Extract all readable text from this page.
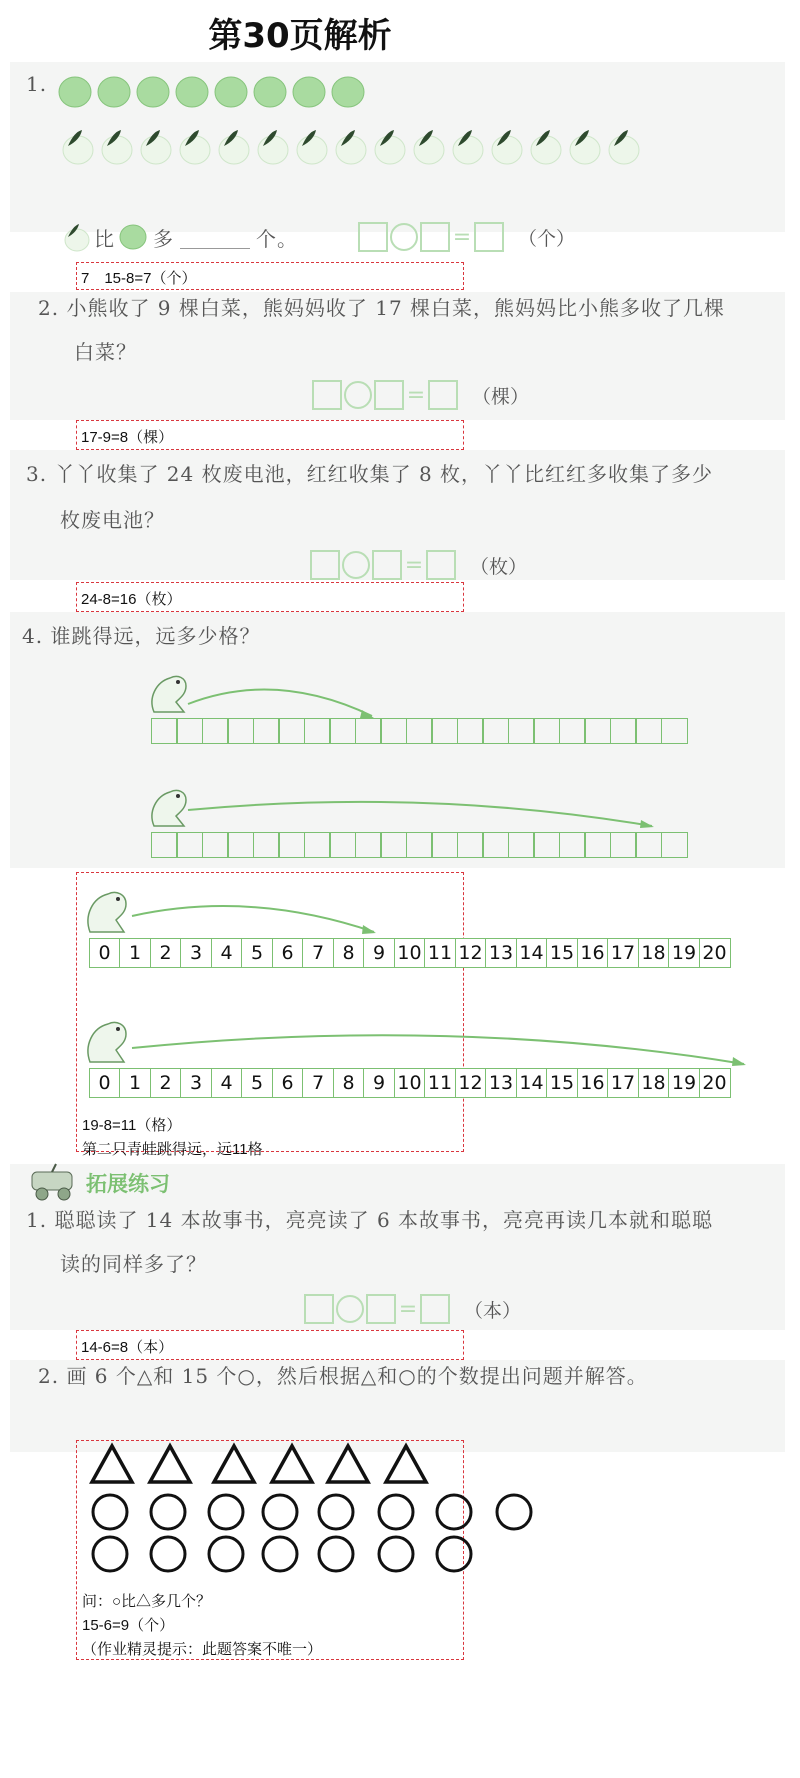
第30页解析
1.
比 多	个。	=	（个）
7　15-8=7（个）
2. 小熊收了 9 棵白菜，熊妈妈收了 17 棵白菜，熊妈妈比小熊多收了几棵
白菜？
= （棵）
17-9=8（棵）
3. 丫丫收集了 24 枚废电池，红红收集了 8 枚，丫丫比红红多收集了多少
枚废电池？
= （枚）
24-8=16（枚）
4. 谁跳得远，远多少格？
0 1 2 3 4 5 6 7 8 9 10 11 12 13 14 15 16 17 18 19 20
0 1 2 3 4 5 6 7 8 9 10 11 12 13 14 15 16 17 18 19 20
19-8=11（格）
第二只青蛙跳得远，远11格
拓展练习
1. 聪聪读了 14 本故事书，亮亮读了 6 本故事书，亮亮再读几本就和聪聪
读的同样多了？
= （本）
14-6=8（本）
2. 画 6 个△和 15 个○，然后根据△和○的个数提出问题并解答。
问：○比△多几个？
15-6=9（个）
（作业精灵提示：此题答案不唯一）
